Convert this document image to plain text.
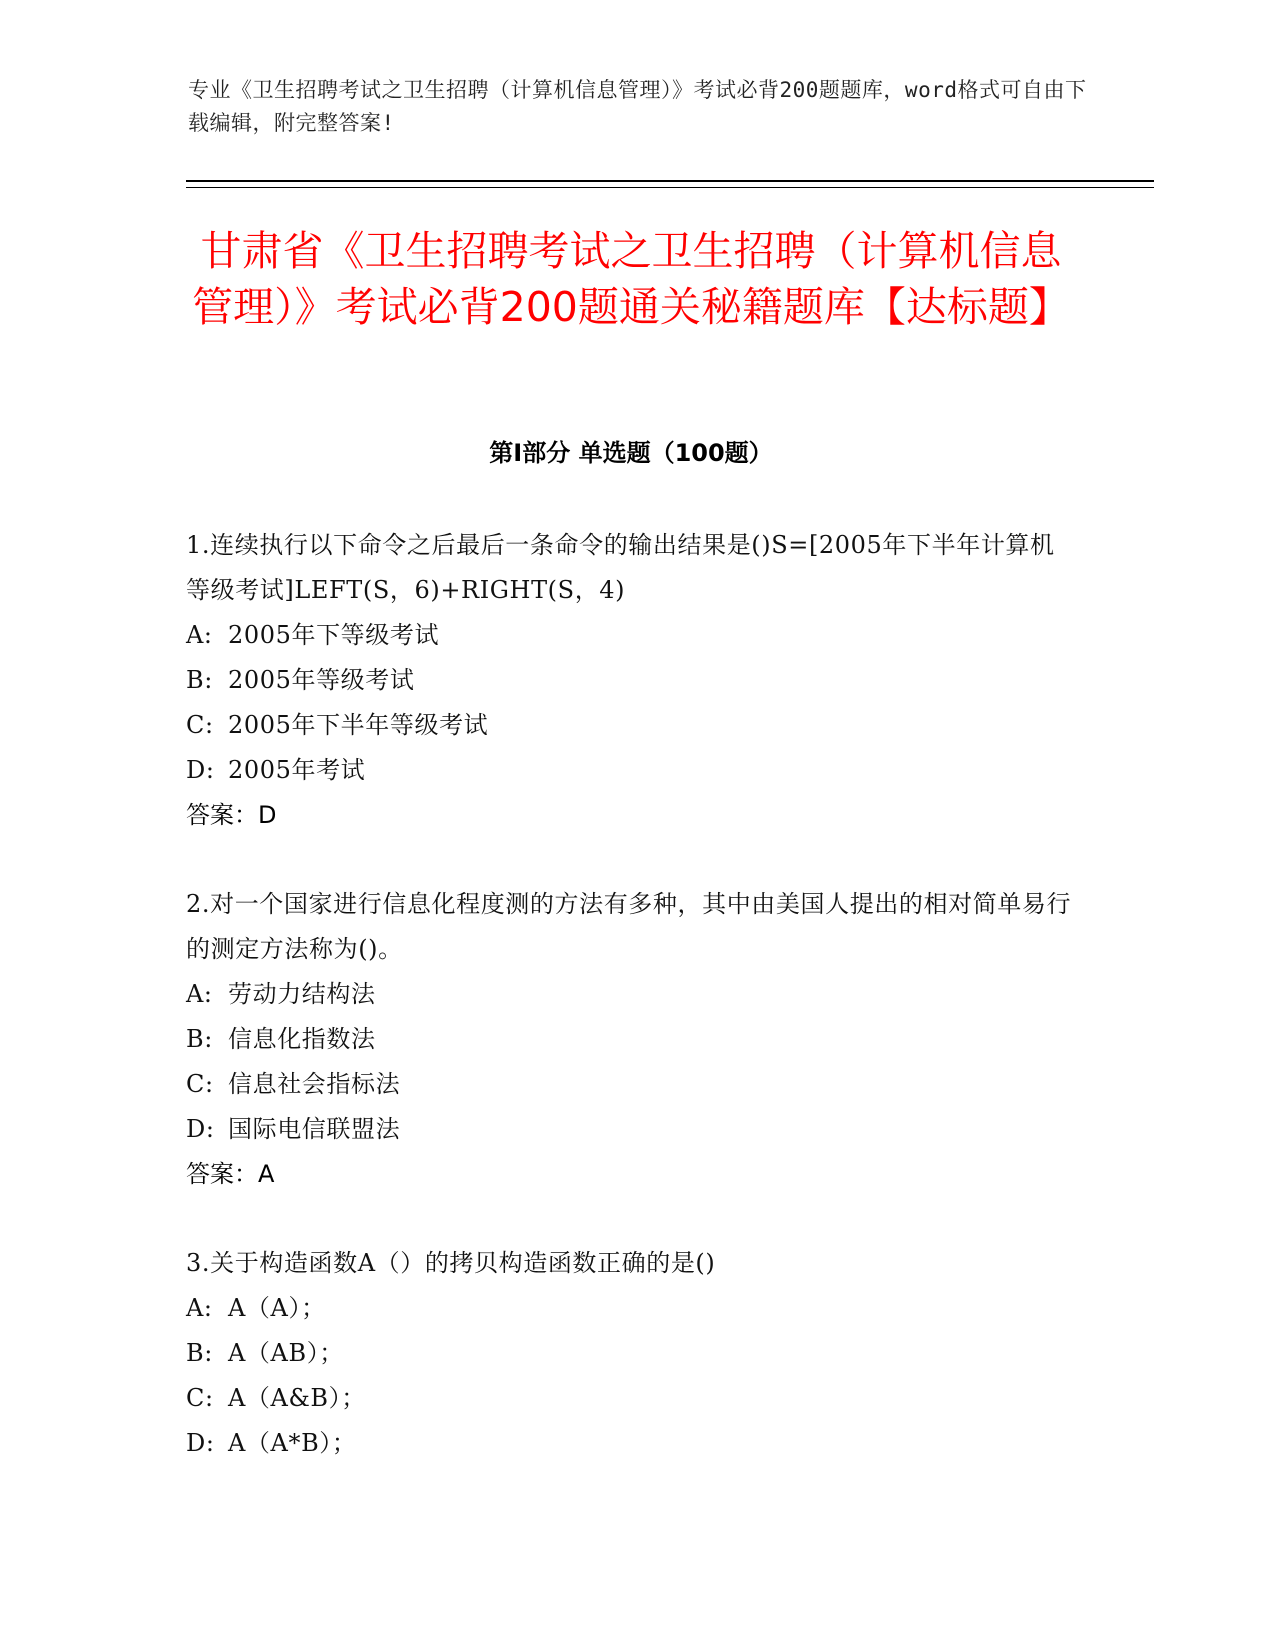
专业《卫生招聘考试之卫生招聘（计算机信息管理）》考试必背200题题库，word格式可自由下载编辑，附完整答案!
甘肃省《卫生招聘考试之卫生招聘（计算机信息管理）》考试必背200题通关秘籍题库【达标题】
第I部分 单选题（100题）
1.连续执行以下命令之后最后一条命令的输出结果是()S=[2005年下半年计算机等级考试]LEFT(S，6)+RIGHT(S，4)
A: 2005年下等级考试
B: 2005年等级考试
C: 2005年下半年等级考试
D: 2005年考试
答案：D
2.对一个国家进行信息化程度测的方法有多种，其中由美国人提出的相对简单易行的测定方法称为()。
A: 劳动力结构法
B: 信息化指数法
C: 信息社会指标法
D: 国际电信联盟法
答案：A
3.关于构造函数A（）的拷贝构造函数正确的是()
A: A（A）；
B: A（AB）；
C: A（A&B）；
D: A（A*B）；
